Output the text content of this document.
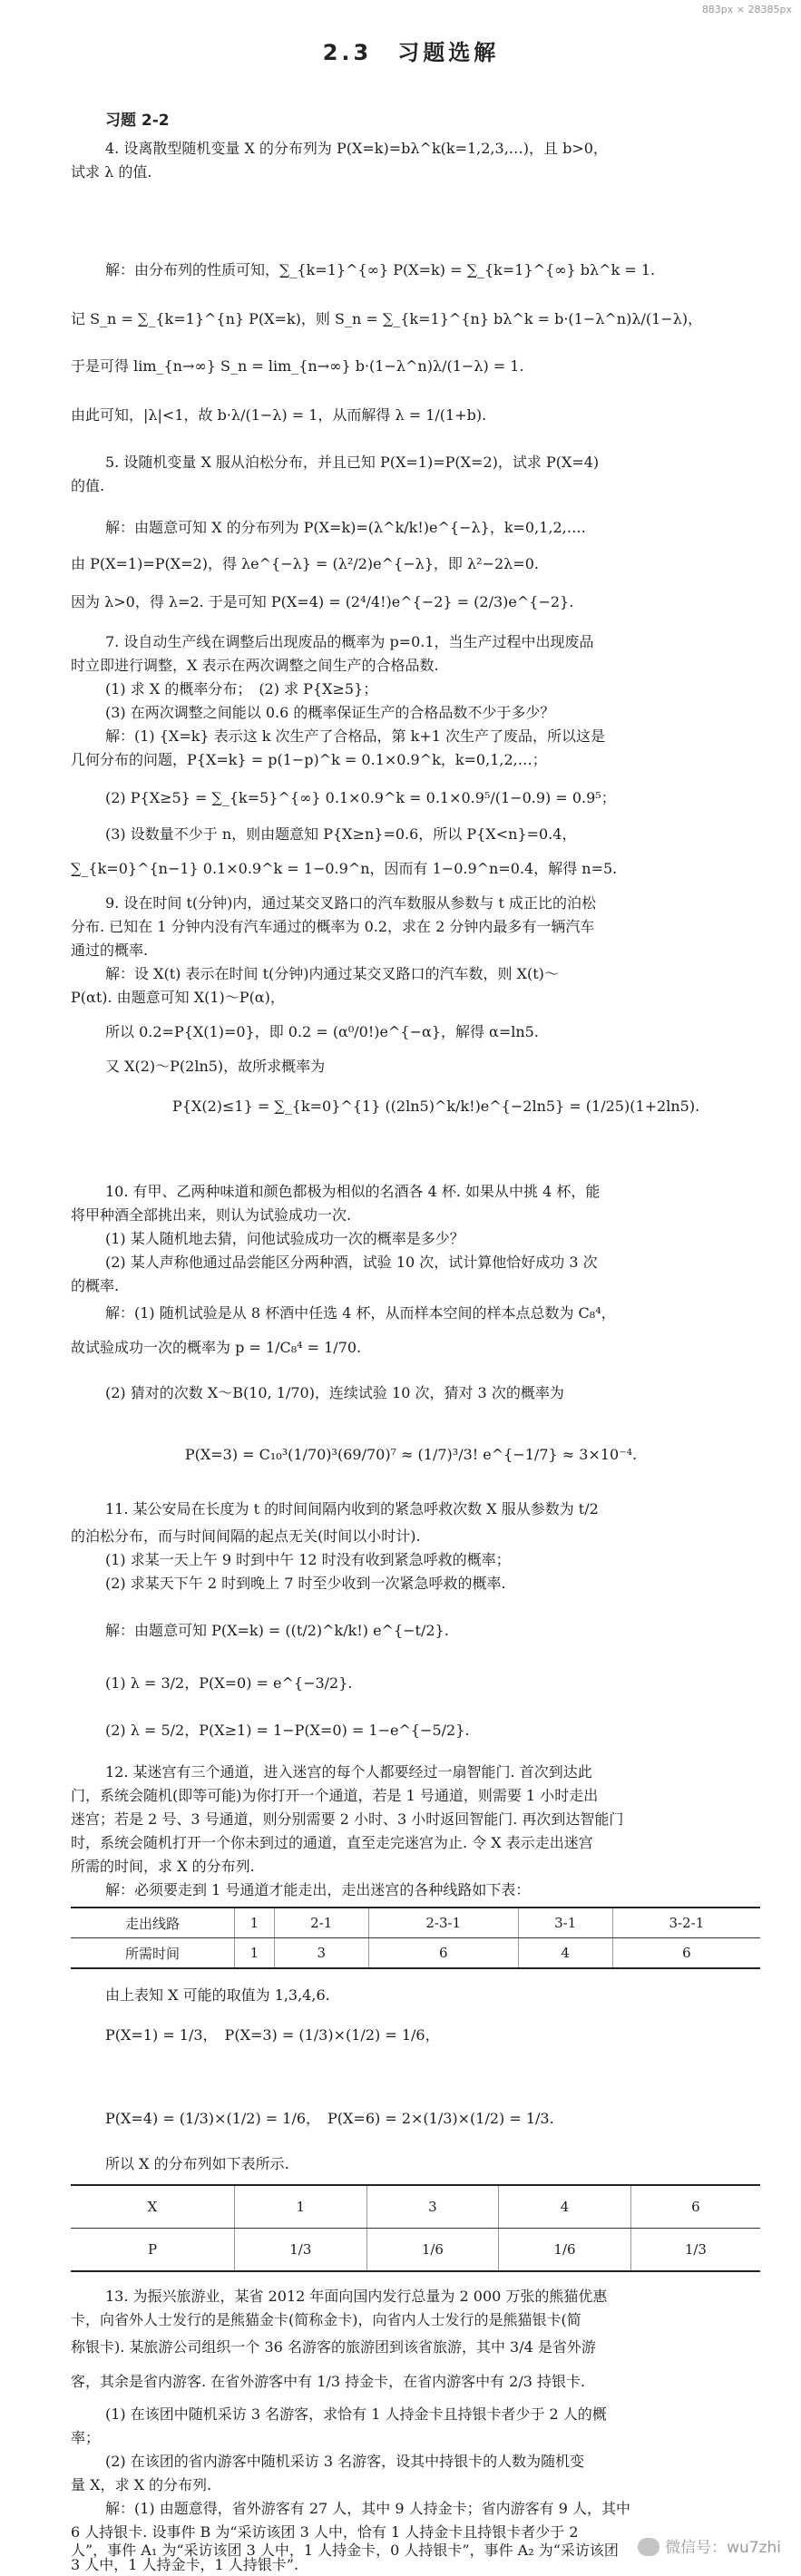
883px × 28385px
2.3　习题选解
习题 2-2
4. 设离散型随机变量 X 的分布列为 P(X=k)=bλ^k(k=1,2,3,…)，且 b>0，
试求 λ 的值.
解：由分布列的性质可知，∑_{k=1}^{∞} P(X=k) = ∑_{k=1}^{∞} bλ^k = 1.
记 S_n = ∑_{k=1}^{n} P(X=k)，则 S_n = ∑_{k=1}^{n} bλ^k = b·(1−λ^n)λ/(1−λ)，
于是可得 lim_{n→∞} S_n = lim_{n→∞} b·(1−λ^n)λ/(1−λ) = 1.
由此可知，|λ|<1，故 b·λ/(1−λ) = 1，从而解得 λ = 1/(1+b).
5. 设随机变量 X 服从泊松分布，并且已知 P(X=1)=P(X=2)，试求 P(X=4)
的值.
解：由题意可知 X 的分布列为 P(X=k)=(λ^k/k!)e^{−λ}，k=0,1,2,….
由 P(X=1)=P(X=2)，得 λe^{−λ} = (λ²/2)e^{−λ}，即 λ²−2λ=0.
因为 λ>0，得 λ=2. 于是可知 P(X=4) = (2⁴/4!)e^{−2} = (2/3)e^{−2}.
7. 设自动生产线在调整后出现废品的概率为 p=0.1，当生产过程中出现废品
时立即进行调整，X 表示在两次调整之间生产的合格品数.
(1) 求 X 的概率分布；　(2) 求 P{X≥5}；
(3) 在两次调整之间能以 0.6 的概率保证生产的合格品数不少于多少？
解：(1) {X=k} 表示这 k 次生产了合格品，第 k+1 次生产了废品，所以这是
几何分布的问题，P{X=k} = p(1−p)^k = 0.1×0.9^k，k=0,1,2,…；
(2) P{X≥5} = ∑_{k=5}^{∞} 0.1×0.9^k = 0.1×0.9⁵/(1−0.9) = 0.9⁵；
(3) 设数量不少于 n，则由题意知 P{X≥n}=0.6，所以 P{X<n}=0.4，
∑_{k=0}^{n−1} 0.1×0.9^k = 1−0.9^n，因而有 1−0.9^n=0.4，解得 n=5.
9. 设在时间 t(分钟)内，通过某交叉路口的汽车数服从参数与 t 成正比的泊松
分布. 已知在 1 分钟内没有汽车通过的概率为 0.2，求在 2 分钟内最多有一辆汽车
通过的概率.
解：设 X(t) 表示在时间 t(分钟)内通过某交叉路口的汽车数，则 X(t)～
P(αt). 由题意可知 X(1)～P(α)，
所以 0.2=P{X(1)=0}，即 0.2 = (α⁰/0!)e^{−α}，解得 α=ln5.
又 X(2)～P(2ln5)，故所求概率为
P{X(2)≤1} = ∑_{k=0}^{1} ((2ln5)^k/k!)e^{−2ln5} = (1/25)(1+2ln5).
10. 有甲、乙两种味道和颜色都极为相似的名酒各 4 杯. 如果从中挑 4 杯，能
将甲种酒全部挑出来，则认为试验成功一次.
(1) 某人随机地去猜，问他试验成功一次的概率是多少？
(2) 某人声称他通过品尝能区分两种酒，试验 10 次，试计算他恰好成功 3 次
的概率.
解：(1) 随机试验是从 8 杯酒中任选 4 杯，从而样本空间的样本点总数为 C₈⁴，
故试验成功一次的概率为 p = 1/C₈⁴ = 1/70.
(2) 猜对的次数 X～B(10, 1/70)，连续试验 10 次，猜对 3 次的概率为
P(X=3) = C₁₀³(1/70)³(69/70)⁷ ≈ (1/7)³/3! e^{−1/7} ≈ 3×10⁻⁴.
11. 某公安局在长度为 t 的时间间隔内收到的紧急呼救次数 X 服从参数为 t/2
的泊松分布，而与时间间隔的起点无关(时间以小时计).
(1) 求某一天上午 9 时到中午 12 时没有收到紧急呼救的概率；
(2) 求某天下午 2 时到晚上 7 时至少收到一次紧急呼救的概率.
解：由题意可知 P(X=k) = ((t/2)^k/k!) e^{−t/2}.
(1) λ = 3/2，P(X=0) = e^{−3/2}.
(2) λ = 5/2，P(X≥1) = 1−P(X=0) = 1−e^{−5/2}.
12. 某迷宫有三个通道，进入迷宫的每个人都要经过一扇智能门. 首次到达此
门，系统会随机(即等可能)为你打开一个通道，若是 1 号通道，则需要 1 小时走出
迷宫；若是 2 号、3 号通道，则分别需要 2 小时、3 小时返回智能门. 再次到达智能门
时，系统会随机打开一个你未到过的通道，直至走完迷宫为止. 令 X 表示走出迷宫
所需的时间，求 X 的分布列.
解：必须要走到 1 号通道才能走出，走出迷宫的各种线路如下表：
走出线路	1	2-1	2-3-1	3-1	3-2-1
所需时间	1	3	6	4	6
由上表知 X 可能的取值为 1,3,4,6.
P(X=1) = 1/3，　P(X=3) = (1/3)×(1/2) = 1/6，
P(X=4) = (1/3)×(1/2) = 1/6，　P(X=6) = 2×(1/3)×(1/2) = 1/3.
所以 X 的分布列如下表所示.
X	1	3	4	6
P	1/3	1/6	1/6	1/3
13. 为振兴旅游业，某省 2012 年面向国内发行总量为 2 000 万张的熊猫优惠
卡，向省外人士发行的是熊猫金卡(简称金卡)，向省内人士发行的是熊猫银卡(简
称银卡). 某旅游公司组织一个 36 名游客的旅游团到该省旅游，其中 3/4 是省外游
客，其余是省内游客. 在省外游客中有 1/3 持金卡，在省内游客中有 2/3 持银卡.
(1) 在该团中随机采访 3 名游客，求恰有 1 人持金卡且持银卡者少于 2 人的概
率；
(2) 在该团的省内游客中随机采访 3 名游客，设其中持银卡的人数为随机变
量 X，求 X 的分布列.
解：(1) 由题意得，省外游客有 27 人，其中 9 人持金卡；省内游客有 9 人，其中
6 人持银卡. 设事件 B 为“采访该团 3 人中，恰有 1 人持金卡且持银卡者少于 2
人”，事件 A₁ 为“采访该团 3 人中，1 人持金卡，0 人持银卡”，事件 A₂ 为“采访该团
3 人中，1 人持金卡，1 人持银卡”.
微信号：wu7zhi
